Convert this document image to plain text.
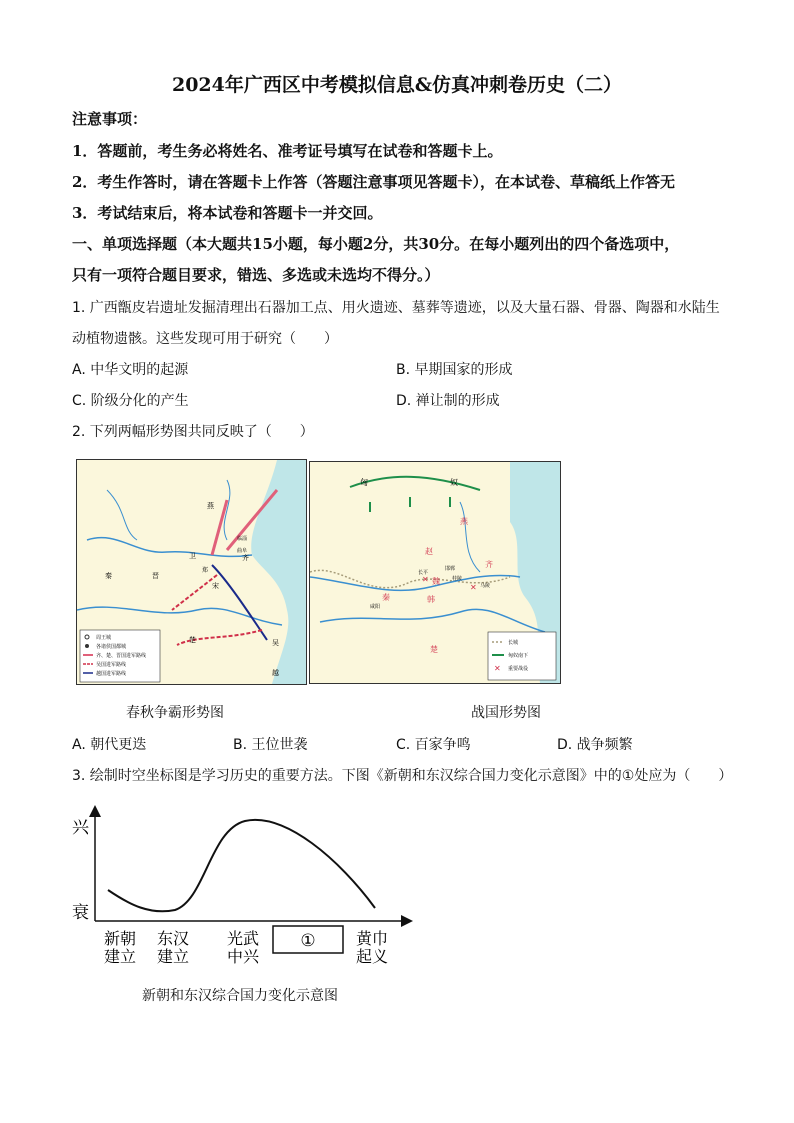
2024年广西区中考模拟信息&仿真冲刺卷历史（二）
注意事项：
1．答题前，考生务必将姓名、准考证号填写在试卷和答题卡上。
2．考生作答时，请在答题卡上作答（答题注意事项见答题卡），在本试卷、草稿纸上作答无
3．考试结束后，将本试卷和答题卡一并交回。
一、单项选择题（本大题共15小题，每小题2分，共30分。在每小题列出的四个备选项中，
只有一项符合题目要求，错选、多选或未选均不得分。）
1. 广西甑皮岩遗址发掘清理出石器加工点、用火遗迹、墓葬等遗迹，以及大量石器、骨器、陶器和水陆生
动植物遗骸。这些发现可用于研究（　　）
A. 中华文明的起源	B. 早期国家的形成
C. 阶级分化的产生	D. 禅让制的形成
2. 下列两幅形势图共同反映了（　　）
周王城
各诸侯国都城
齐、楚、晋国进军路线
吴国进军路线
越国进军路线
燕
齐
卫
晋
秦
宋
楚	吴
越
郑
曲阜
临淄
✕
长城
匈奴南下
重要战役
匈	奴
燕
赵
魏
齐
秦	韩
楚
长平
马陵
桂陵
邯郸
咸阳
✕
✕
春秋争霸形势图	战国形势图
A. 朝代更迭	B. 王位世袭	C. 百家争鸣	D. 战争频繁
3. 绘制时空坐标图是学习历史的重要方法。下图《新朝和东汉综合国力变化示意图》中的①处应为（　　）
兴
衰
新朝
建立
东汉
建立
光武
中兴
①	黄巾
起义
新朝和东汉综合国力变化示意图
